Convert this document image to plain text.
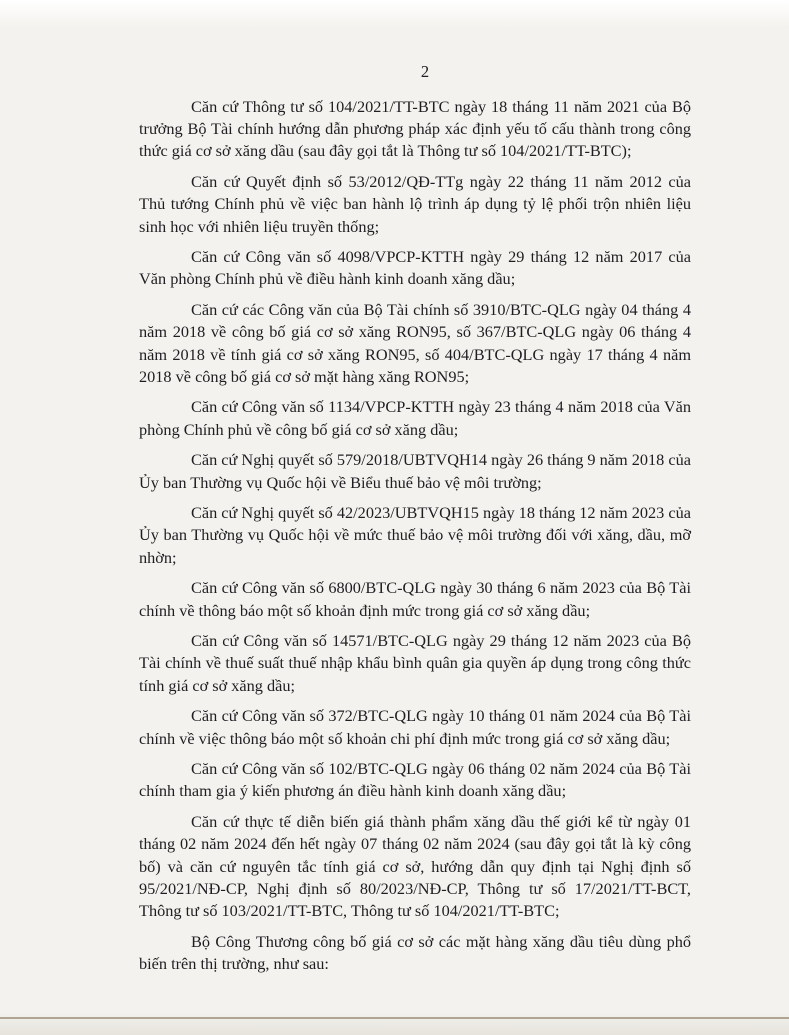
2

Căn cứ Thông tư số 104/2021/TT-BTC ngày 18 tháng 11 năm 2021 của Bộ trưởng Bộ Tài chính hướng dẫn phương pháp xác định yếu tố cấu thành trong công thức giá cơ sở xăng dầu (sau đây gọi tắt là Thông tư số 104/2021/TT-BTC);

Căn cứ Quyết định số 53/2012/QĐ-TTg ngày 22 tháng 11 năm 2012 của Thủ tướng Chính phủ về việc ban hành lộ trình áp dụng tỷ lệ phối trộn nhiên liệu sinh học với nhiên liệu truyền thống;

Căn cứ Công văn số 4098/VPCP-KTTH ngày 29 tháng 12 năm 2017 của Văn phòng Chính phủ về điều hành kinh doanh xăng dầu;

Căn cứ các Công văn của Bộ Tài chính số 3910/BTC-QLG ngày 04 tháng 4 năm 2018 về công bố giá cơ sở xăng RON95, số 367/BTC-QLG ngày 06 tháng 4 năm 2018 về tính giá cơ sở xăng RON95, số 404/BTC-QLG ngày 17 tháng 4 năm 2018 về công bố giá cơ sở mặt hàng xăng RON95;

Căn cứ Công văn số 1134/VPCP-KTTH ngày 23 tháng 4 năm 2018 của Văn phòng Chính phủ về công bố giá cơ sở xăng dầu;

Căn cứ Nghị quyết số 579/2018/UBTVQH14 ngày 26 tháng 9 năm 2018 của Ủy ban Thường vụ Quốc hội về Biểu thuế bảo vệ môi trường;

Căn cứ Nghị quyết số 42/2023/UBTVQH15 ngày 18 tháng 12 năm 2023 của Ủy ban Thường vụ Quốc hội về mức thuế bảo vệ môi trường đối với xăng, dầu, mỡ nhờn;

Căn cứ Công văn số 6800/BTC-QLG ngày 30 tháng 6 năm 2023 của Bộ Tài chính về thông báo một số khoản định mức trong giá cơ sở xăng dầu;

Căn cứ Công văn số 14571/BTC-QLG ngày 29 tháng 12 năm 2023 của Bộ Tài chính về thuế suất thuế nhập khẩu bình quân gia quyền áp dụng trong công thức tính giá cơ sở xăng dầu;

Căn cứ Công văn số 372/BTC-QLG ngày 10 tháng 01 năm 2024 của Bộ Tài chính về việc thông báo một số khoản chi phí định mức trong giá cơ sở xăng dầu;

Căn cứ Công văn số 102/BTC-QLG ngày 06 tháng 02 năm 2024 của Bộ Tài chính tham gia ý kiến phương án điều hành kinh doanh xăng dầu;

Căn cứ thực tế diễn biến giá thành phẩm xăng dầu thế giới kể từ ngày 01 tháng 02 năm 2024 đến hết ngày 07 tháng 02 năm 2024 (sau đây gọi tắt là kỳ công bố) và căn cứ nguyên tắc tính giá cơ sở, hướng dẫn quy định tại Nghị định số 95/2021/NĐ-CP, Nghị định số 80/2023/NĐ-CP, Thông tư số 17/2021/TT-BCT, Thông tư số 103/2021/TT-BTC, Thông tư số 104/2021/TT-BTC;

Bộ Công Thương công bố giá cơ sở các mặt hàng xăng dầu tiêu dùng phổ biến trên thị trường, như sau:
